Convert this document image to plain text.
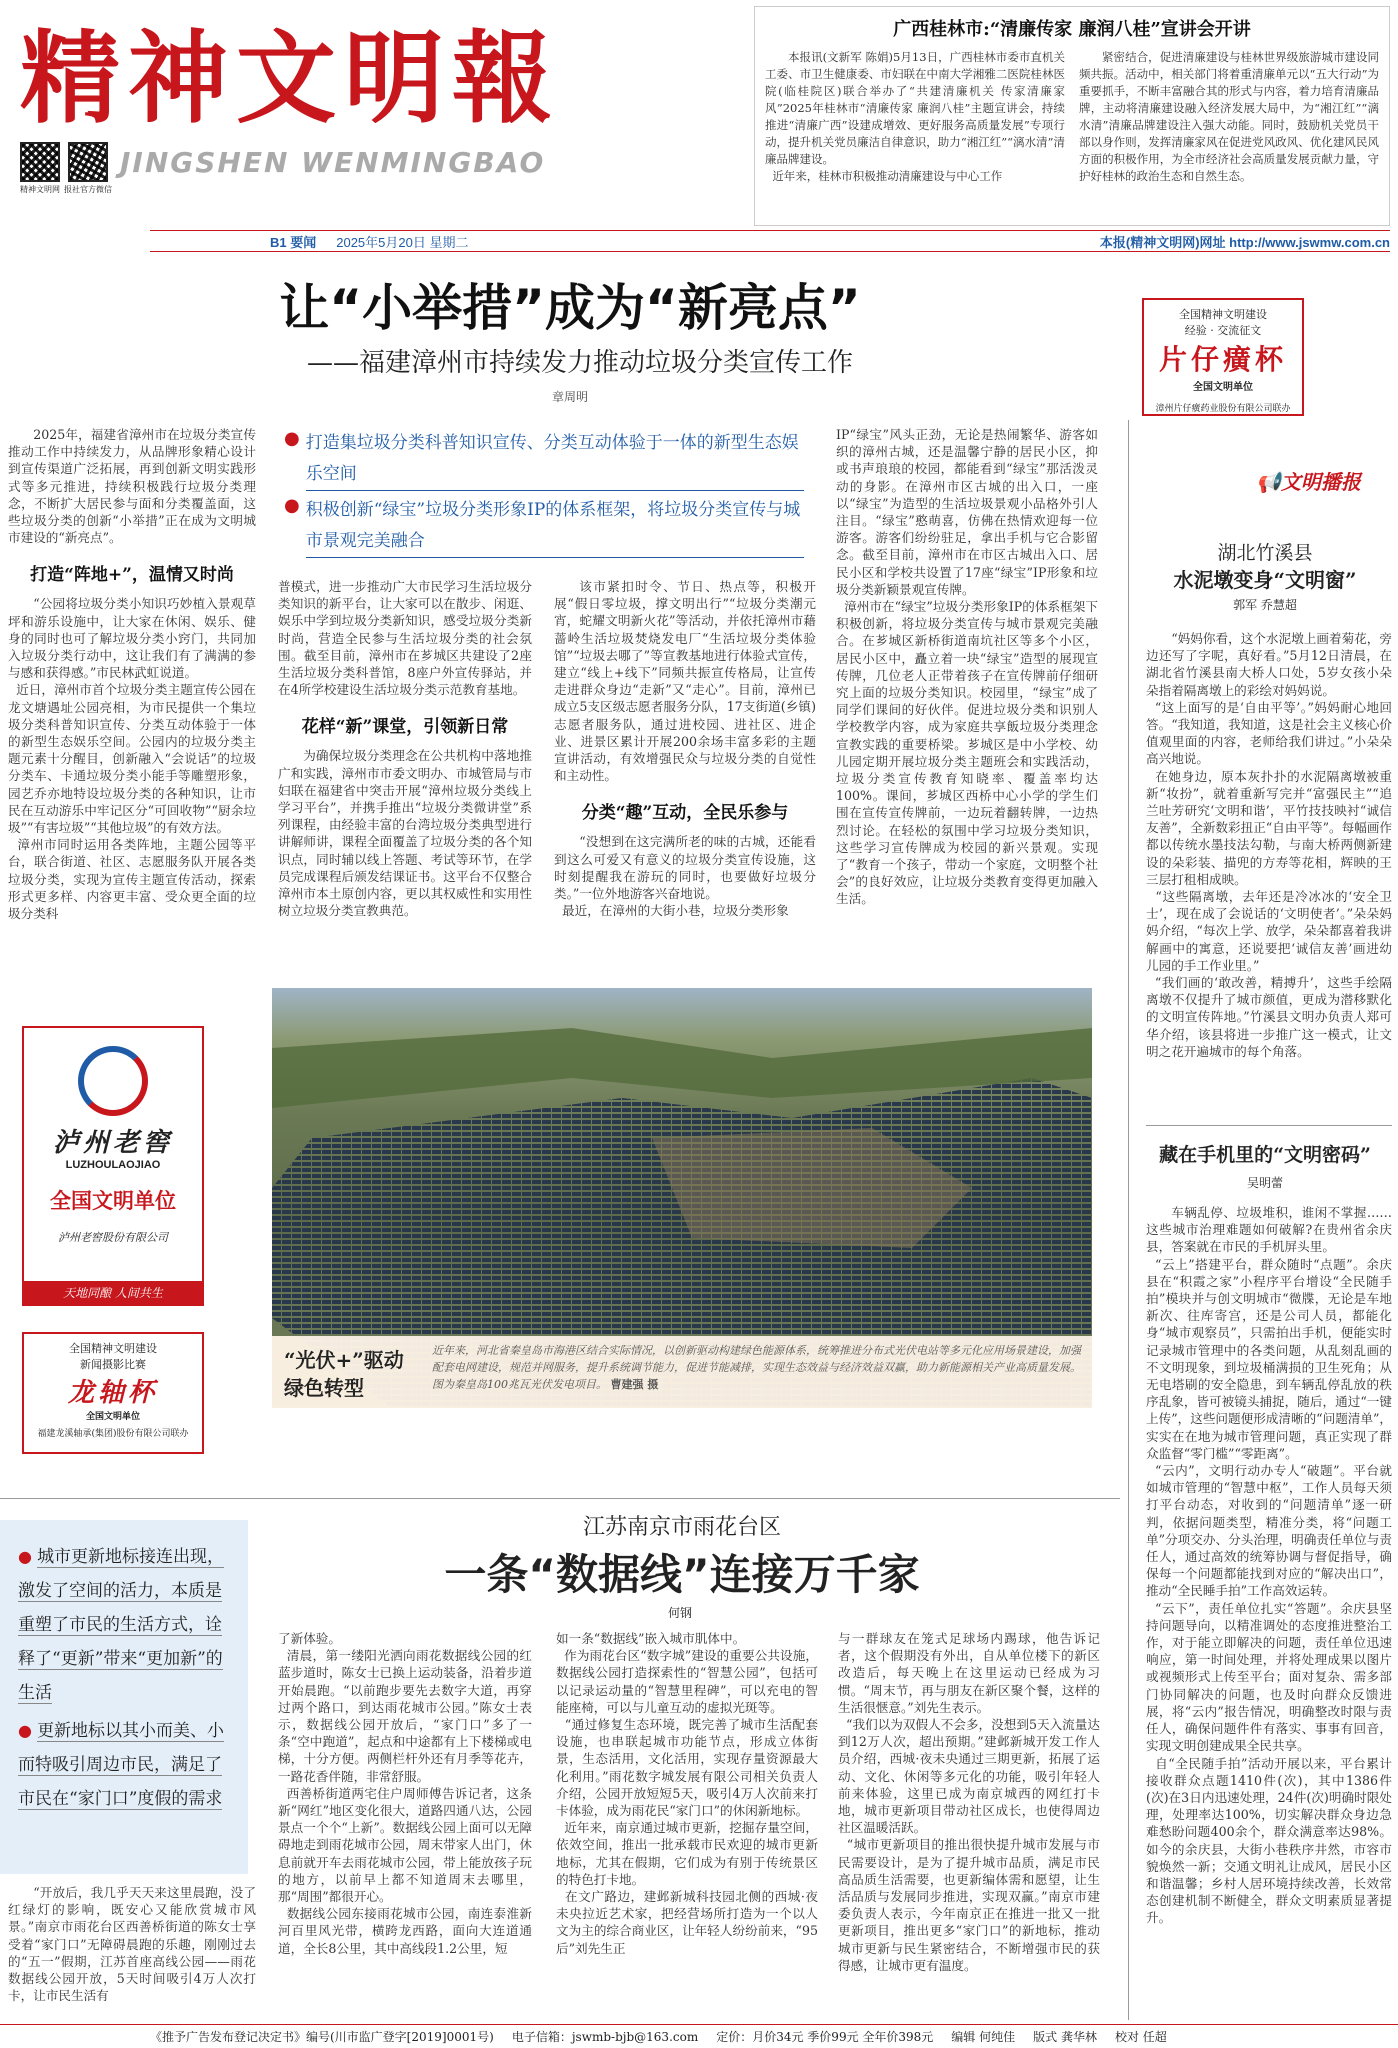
精神文明報
精神文明网 报社官方微信
JINGSHEN WENMINGBAO
广西桂林市:“清廉传家 廉润八桂”宣讲会开讲

本报讯(文新军 陈娟)5月13日，广西桂林市委市直机关工委、市卫生健康委、市妇联在中南大学湘雅二医院桂林医院(临桂院区)联合举办了“共建清廉机关 传家清廉家风”2025年桂林市“清廉传家 廉润八桂”主题宣讲会，持续推进“清廉广西”设建成增效、更好服务高质量发展”专项行动，提升机关党员廉洁自律意识，助力“湘江红”“漓水清”清廉品牌建设。
近年来，桂林市积极推动清廉建设与中心工作

紧密结合，促进清廉建设与桂林世界级旅游城市建设同频共振。活动中，相关部门将着重清廉单元以“五大行动”为重要抓手，不断丰富融合其的形式与内容，着力培育清廉品牌，主动将清廉建设融入经济发展大局中，为“湘江红”“漓水清”清廉品牌建设注入强大动能。同时，鼓励机关党员干部以身作则，发挥清廉家风在促进党风政风、优化建风民风方面的积极作用，为全市经济社会高质量发展贡献力量，守护好桂林的政治生态和自然生态。

B1 要闻 2025年5月20日 星期二	本报(精神文明网)网址 http://www.jswmw.com.cn
让“小举措”成为“新亮点”
——福建漳州市持续发力推动垃圾分类宣传工作
章周明
● 打造集垃圾分类科普知识宣传、分类互动体验于一体的新型生态娱乐空间
● 积极创新“绿宝”垃圾分类形象IP的体系框架，将垃圾分类宣传与城市景观完美融合

2025年，福建省漳州市在垃圾分类宣传推动工作中持续发力，从品牌形象精心设计到宣传渠道广泛拓展，再到创新文明实践形式等多元推进，持续积极践行垃圾分类理念，不断扩大居民参与面和分类覆盖面，这些垃圾分类的创新“小举措”正在成为文明城市建设的“新亮点”。

打造“阵地+”，温情又时尚

“公园将垃圾分类小知识巧妙植入景观草坪和游乐设施中，让大家在休闲、娱乐、健身的同时也可了解垃圾分类小窍门，共同加入垃圾分类行动中，这让我们有了满满的参与感和获得感。”市民林武虹说道。
近日，漳州市首个垃圾分类主题宣传公园在龙文塘遇址公园亮相，为市民提供一个集垃圾分类科普知识宣传、分类互动体验于一体的新型生态娱乐空间。公园内的垃圾分类主题元素十分醒目，创新融入“会说话”的垃圾分类车、卡通垃圾分类小能手等雕塑形象，园艺乔亦地特设垃圾分类的各种知识，让市民在互动游乐中牢记区分“可回收物”“厨余垃圾”“有害垃圾”“其他垃圾”的有效方法。
漳州市同时运用各类阵地，主题公园等平台，联合街道、社区、志愿服务队开展各类垃圾分类，实现为宣传主题宣传活动，探索形式更多样、内容更丰富、受众更全面的垃圾分类科

普模式，进一步推动广大市民学习生活垃圾分类知识的新平台，让大家可以在散步、闲逛、娱乐中学到垃圾分类新知识，感受垃圾分类新时尚，营造全民参与生活垃圾分类的社会氛围。截至目前，漳州市在芗城区共建设了2座生活垃圾分类科普馆，8座户外宣传驿站，并在4所学校建设生活垃圾分类示范教育基地。

花样“新”课堂，引领新日常

为确保垃圾分类理念在公共机构中落地推广和实践，漳州市市委文明办、市城管局与市妇联在福建省中突击开展“漳州垃圾分类线上学习平台”，并携手推出“垃圾分类微讲堂”系列课程，由经验丰富的台湾垃圾分类典型进行讲解师讲，课程全面覆盖了垃圾分类的各个知识点，同时辅以线上答题、考试等环节，在学员完成课程后颁发结课证书。这平台不仅整合漳州市本土原创内容，更以其权威性和实用性树立垃圾分类宣教典范。

该市紧扣时令、节日、热点等，积极开展“假日零垃圾，撑文明出行”“垃圾分类潮元宵，蛇耀文明新火花”等活动，并依托漳州市藉蔷岭生活垃圾焚烧发电厂“生活垃圾分类体验馆”“垃圾去哪了”等宣教基地进行体验式宣传，建立“线上+线下”同频共振宣传格局，让宣传走进群众身边“走新”又“走心”。目前，漳州已成立5支区级志愿者服务分队，17支街道(乡镇)志愿者服务队，通过进校园、进社区、进企业、进景区累计开展200余场丰富多彩的主题宣讲活动，有效增强民众与垃圾分类的自觉性和主动性。

分类“趣”互动，全民乐参与

“没想到在这完满所老的味的古城，还能看到这么可爱又有意义的垃圾分类宣传设施，这时刻提醒我在游玩的同时，也要做好垃圾分类。”一位外地游客兴奋地说。
最近，在漳州的大街小巷，垃圾分类形象

IP“绿宝”风头正劲，无论是热闹繁华、游客如织的漳州古城，还是温馨宁静的居民小区，抑或书声琅琅的校园，都能看到“绿宝”那活泼灵动的身影。在漳州市区古城的出入口，一座以“绿宝”为造型的生活垃圾景观小品格外引人注目。“绿宝”憨萌喜，仿佛在热情欢迎每一位游客。游客们纷纷驻足，拿出手机与它合影留念。截至目前，漳州市在市区古城出入口、居民小区和学校共设置了17座“绿宝”IP形象和垃圾分类新颖景观宣传牌。
漳州市在“绿宝”垃圾分类形象IP的体系框架下积极创新，将垃圾分类宣传与城市景观完美融合。在芗城区新桥街道南坑社区等多个小区，居民小区中，矗立着一块“绿宝”造型的展现宣传牌，几位老人正带着孩子在宣传牌前仔细研究上面的垃圾分类知识。校园里，“绿宝”成了同学们课间的好伙伴。促进垃圾分类和识别人学校教学内容，成为家庭共享飯垃圾分类理念宣教实践的重要桥梁。芗城区是中小学校、幼儿园定期开展垃圾分类主题班会和实践活动，垃圾分类宣传教育知晓率、覆盖率均达100%。课间，芗城区西桥中心小学的学生们围在宣传宣传牌前，一边玩着翻转牌，一边热烈讨论。在轻松的氛围中学习垃圾分类知识，这些学习宣传牌成为校园的新兴景观。实现了“教育一个孩子，带动一个家庭，文明整个社会”的良好效应，让垃圾分类教育变得更加融入生活。

全国精神文明建设
经验 · 交流征文
片仔癀杯
全国文明单位
漳州片仔癀药业股份有限公司联办
📢文明播报
湖北竹溪县
水泥墩变身“文明窗”
郭军 乔慧超

“妈妈你看，这个水泥墩上画着菊花，旁边还写了字呢，真好看。”5月12日清晨，在湖北省竹溪县南大桥人口处，5岁女孩小朵朵指着隔离墩上的彩绘对妈妈说。
“这上面写的是‘自由平等’。”妈妈耐心地回答。“我知道，我知道，这是社会主义核心价值观里面的内容，老师给我们讲过。”小朵朵高兴地说。
在她身边，原本灰扑扑的水泥隔离墩被重新“妆扮”，就着重新写完并“富强民主”“追兰吐芳研究‘文明和谐’，平竹技技映衬“诚信友善”，全新数彩扭正“自由平等”。每幅画作都以传统水墨技法勾勒，与南大桥两侧新建设的朵彩装、描兜的方寿等花相，辉映的王三层打租相成映。
“这些隔离墩，去年还是冷冰冰的‘安全卫士’，现在成了会说话的‘文明使者’。”朵朵妈妈介绍，“每次上学、放学，朵朵都喜着我讲解画中的寓意，还说要把‘诚信友善’画进幼儿园的手工作业里。”
“我们画的‘敢改善，精搏升’，这些手绘隔离墩不仅提升了城市颜值，更成为潜移默化的文明宣传阵地。”竹溪县文明办负责人郑可华介绍，该县将进一步推广这一模式，让文明之花开遍城市的每个角落。

藏在手机里的“文明密码”
吴明蕾

车辆乱停、垃圾堆积，谁闲不掌握……这些城市治理难题如何破解?在贵州省余庆县，答案就在市民的手机屏头里。
“云上”搭建平台，群众随时“点题”。余庆县在“积霞之家”小程序平台增设“全民随手拍”模块并与创文明城市“微牒，无论是车地新次、往库寄宫，还是公司人员，都能化身“城市观察员”，只需拍出手机，便能实时记录城市管理中的各类问题，从乱刻乱画的不文明现象，到垃圾桶满损的卫生死角；从无电塔刷的安全隐患，到车辆乱停乱放的秩序乱象，皆可被镜头捕捉，随后，通过“一键上传”，这些问题便形成清晰的“问题清单”，实实在在地为城市管理问题，真正实现了群众监督“零门槛”“零距离”。
“云内”，文明行动办专人“破题”。平台就如城市管理的“智慧中枢”，工作人员每天须打平台动态，对收到的“问题清单”逐一研判，依据问题类型，精准分类，将“问题工单”分项交办、分头治理，明确责任单位与责任人，通过高效的统筹协调与督促指导，确保每一个问题都能找到对应的“解决出口”，推动“全民睡手拍”工作高效运转。
“云下”，责任单位扎实“答题”。余庆县坚持问题导向，以精准调处的态度推进整治工作，对于能立即解决的问题，责任单位迅速响应，第一时间处理，并将处理成果以图片或视频形式上传至平台；面对复杂、需多部门协同解决的问题，也及时向群众反馈进展，将“云内”报告情况，明确整改时限与责任人，确保问题件件有落实、事事有回音，实现文明创建成果全民共享。
自“全民随手拍”活动开展以来，平台累计接收群众点题1410件(次)，其中1386件(次)在3日内迅速处理，24件(次)明确时限处理，处理率达100%，切实解决群众身边急难愁盼问题400余个，群众满意率达98%。如今的余庆县，大街小巷秩序井然，市容市貌焕然一新；交通文明礼让成风，居民小区和谐温馨；乡村人居环境持续改善，长效常态创建机制不断健全，群众文明素质显著提升。

“光伏+”驱动绿色转型
近年来，河北省秦皇岛市海港区结合实际情况，以创新驱动构建绿色能源体系，统筹推进分布式光伏电站等多元化应用场景建设，加强配套电网建设，规范并网服务，提升系统调节能力，促进节能减排，实现生态效益与经济效益双赢，助力新能源相关产业高质量发展。图为秦皇岛100兆瓦光伏发电项目。 曹建强 摄
泸州老窖
LUZHOULAOJIAO
全国文明单位
泸州老窖股份有限公司
天地同酿 人间共生
全国精神文明建设
新闻摄影比赛
龙轴杯
全国文明单位
福建龙溪轴承(集团)股份有限公司联办
江苏南京市雨花台区
一条“数据线”连接万千家
何钢
● 城市更新地标接连出现，激发了空间的活力，本质是重塑了市民的生活方式，诠释了“更新”带来“更加新”的生活
● 更新地标以其小而美、小而特吸引周边市民，满足了市民在“家门口”度假的需求

“开放后，我几乎天天来这里晨跑，没了红绿灯的影响，既安心又能欣赏城市风景。”南京市雨花台区西善桥街道的陈女士享受着“家门口”无障碍晨跑的乐趣，刚刚过去的“五一”假期，江苏首座高线公园——雨花数据线公园开放，5天时间吸引4万人次打卡，让市民生活有

了新体验。
清晨，第一缕阳光洒向雨花数据线公园的红蓝步道时，陈女士已换上运动装备，沿着步道开始晨跑。“以前跑步要先去数字大道，再穿过两个路口，到达雨花城市公园。”陈女士表示，数据线公园开放后，“家门口”多了一条“空中跑道”，起点和中途都有上下楼梯或电梯，十分方便。两侧栏杆外还有月季等花卉，一路花香伴随，非常舒服。
西善桥街道两宅住户周师傅告诉记者，这条新“网红”地区变化很大，道路四通八达，公园景点一个个“上新”。数据线公园上面可以无障碍地走到雨花城市公园，周末带家人出门，休息前就开车去雨花城市公园，带上能放孩子玩的地方，以前早上都不知道周末去哪里，那“周围”都很开心。
数据线公园东接雨花城市公园，南连泰淮新河百里风光带，横跨龙西路，面向大连道通道，全长8公里，其中高线段1.2公里，短

如一条“数据线”嵌入城市肌体中。
作为雨花台区“数字城”建设的重要公共设施，数据线公园打造探索性的“智慧公园”，包括可以记录运动量的“智慧里程碑”，可以充电的智能座椅，可以与儿童互动的虚拟光斑等。
“通过修复生态环境，既完善了城市生活配套设施，也串联起城市功能节点，形成立体街景，生态活用，文化活用，实现存量资源最大化利用。”雨花数字城发展有限公司相关负责人介绍，公园开放短短5天，吸引4万人次前来打卡体验，成为雨花民“家门口”的休闲新地标。
近年来，南京通过城市更新，挖掘存量空间，依效空间，推出一批承载市民欢迎的城市更新地标，尤其在假期，它们成为有别于传统景区的特色打卡地。
在文广路边，建邺新城科技园北侧的西城·夜未央拉近艺术家，把经营场所打造为一个以人文为主的综合商业区，让年轻人纷纷前来，“95后”刘先生正

与一群球友在笼式足球场内踢球，他告诉记者，这个假期没有外出，自从单位楼下的新区改造后，每天晚上在这里运动已经成为习惯。“周末节，再与朋友在新区聚个餐，这样的生活很惬意。”刘先生表示。
“我们以为双假人不会多，没想到5天入流量达到12万人次，超出预期。”建邺新城开发工作人员介绍，西城·夜未央通过三期更新，拓展了运动、文化、休闲等多元化的功能，吸引年轻人前来体验，这里已成为南京城西的网红打卡地，城市更新项目带动社区成长，也使得周边社区温暖活跃。
“城市更新项目的推出很快提升城市发展与市民需要设计，是为了提升城市品质，满足市民高品质生活需要，也更新编体需和愿望，让生活品质与发展同步推进，实现双赢。”南京市建委负责人表示，今年南京正在推进一批又一批更新项目，推出更多“家门口”的新地标，推动城市更新与民生紧密结合，不断增强市民的获得感，让城市更有温度。

《推予广告发布登记决定书》编号(川市监广登字[2019]0001号) 电子信箱：jswmb-bjb@163.com 定价：月价34元 季价99元 全年价398元 编辑 何纯佳 版式 龚华林 校对 任超
